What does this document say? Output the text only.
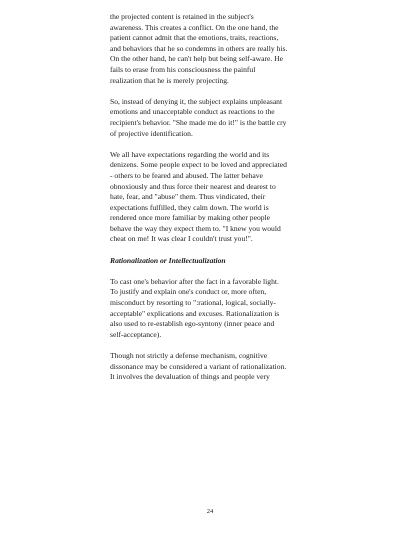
the projected content is retained in the subject's
awareness. This creates a conflict. On the one hand, the
patient cannot admit that the emotions, traits, reactions,
and behaviors that he so condemns in others are really his.
On the other hand, he can't help but being self-aware. He
fails to erase from his consciousness the painful
realization that he is merely projecting.

So, instead of denying it, the subject explains unpleasant
emotions and unacceptable conduct as reactions to the
recipient's behavior. "She made me do it!" is the battle cry
of projective identification.

We all have expectations regarding the world and its
denizens. Some people expect to be loved and appreciated
- others to be feared and abused. The latter behave
obnoxiously and thus force their nearest and dearest to
hate, fear, and "abuse" them. Thus vindicated, their
expectations fulfilled, they calm down. The world is
rendered once more familiar by making other people
behave the way they expect them to. "I knew you would
cheat on me! It was clear I couldn't trust you!".

Rationalization or Intellectualization

To cast one's behavior after the fact in a favorable light.
To justify and explain one's conduct or, more often,
misconduct by resorting to ":rational, logical, socially-
acceptable" explications and excuses. Rationalization is
also used to re-establish ego-syntony (inner peace and
self-acceptance).

Though not strictly a defense mechanism, cognitive
dissonance may be considered a variant of rationalization.
It involves the devaluation of things and people very

24
